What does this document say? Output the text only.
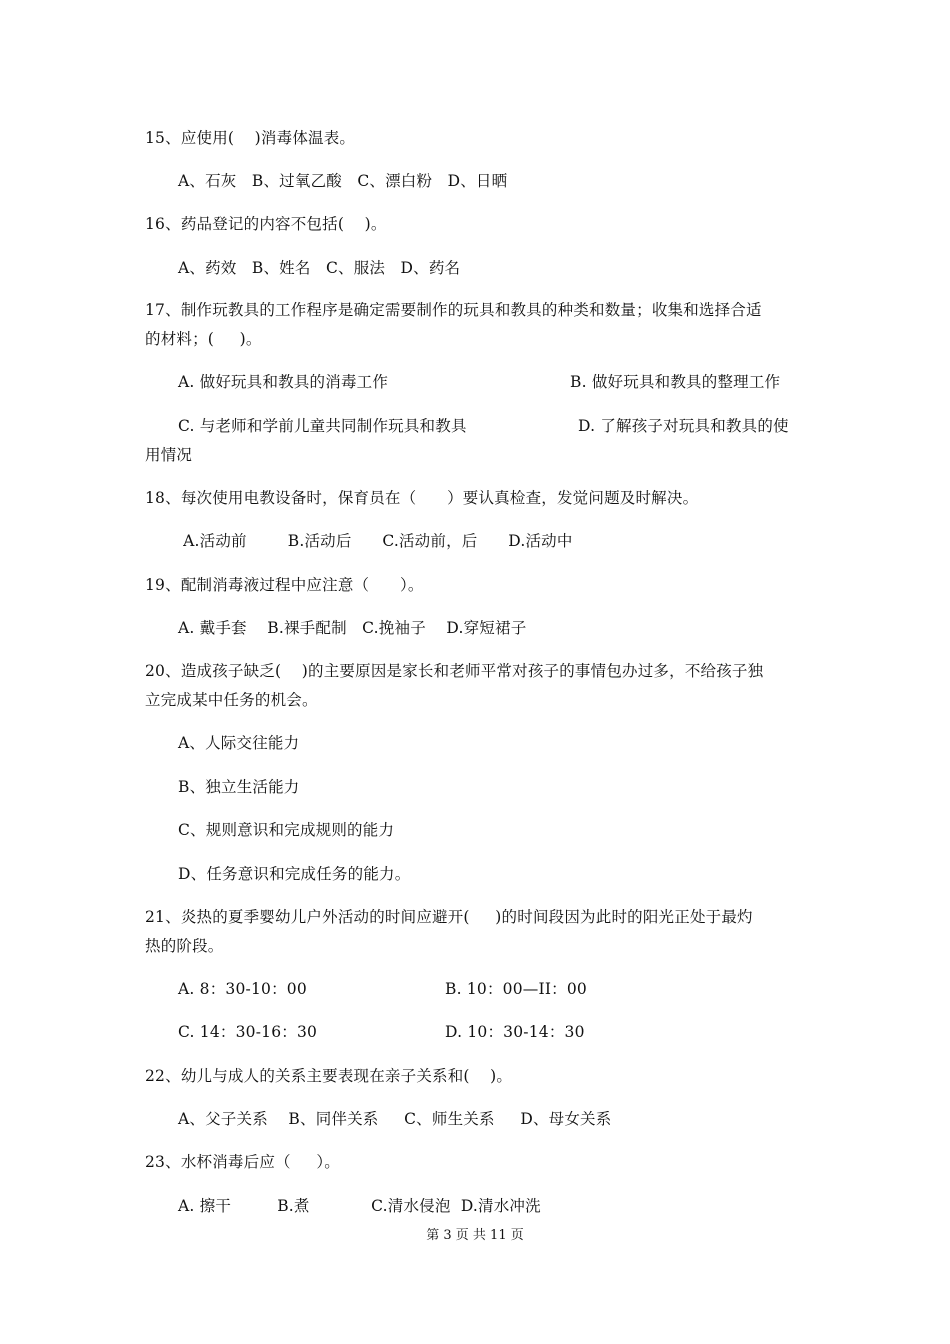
15、应使用(    )消毒体温表。
A、石灰   B、过氧乙酸   C、漂白粉   D、日晒
16、药品登记的内容不包括(    )。
A、药效   B、姓名   C、服法   D、药名
17、制作玩教具的工作程序是确定需要制作的玩具和教具的种类和数量；收集和选择合适
的材料；(     )。
A. 做好玩具和教具的消毒工作	B. 做好玩具和教具的整理工作
C. 与老师和学前儿童共同制作玩具和教具	D. 了解孩子对玩具和教具的使
用情况
18、每次使用电教设备时，保育员在（      ）要认真检查，发觉问题及时解决。
A.活动前        B.活动后      C.活动前，后      D.活动中
19、配制消毒液过程中应注意（      ）。
A. 戴手套    B.裸手配制   C.挽袖子    D.穿短裙子
20、造成孩子缺乏(    )的主要原因是家长和老师平常对孩子的事情包办过多，不给孩子独
立完成某中任务的机会。
A、人际交往能力
B、独立生活能力
C、规则意识和完成规则的能力
D、任务意识和完成任务的能力。
21、炎热的夏季婴幼儿户外活动的时间应避开(     )的时间段因为此时的阳光正处于最灼
热的阶段。
A. 8：30-10：00	B. 10：00—II：00
C. 14：30-16：30	D. 10：30-14：30
22、幼儿与成人的关系主要表现在亲子关系和(    )。
A、父子关系    B、同伴关系     C、师生关系     D、母女关系
23、水杯消毒后应（     ）。
A. 擦干         B.煮            C.清水侵泡  D.清水冲洗
第 3 页 共 11 页
